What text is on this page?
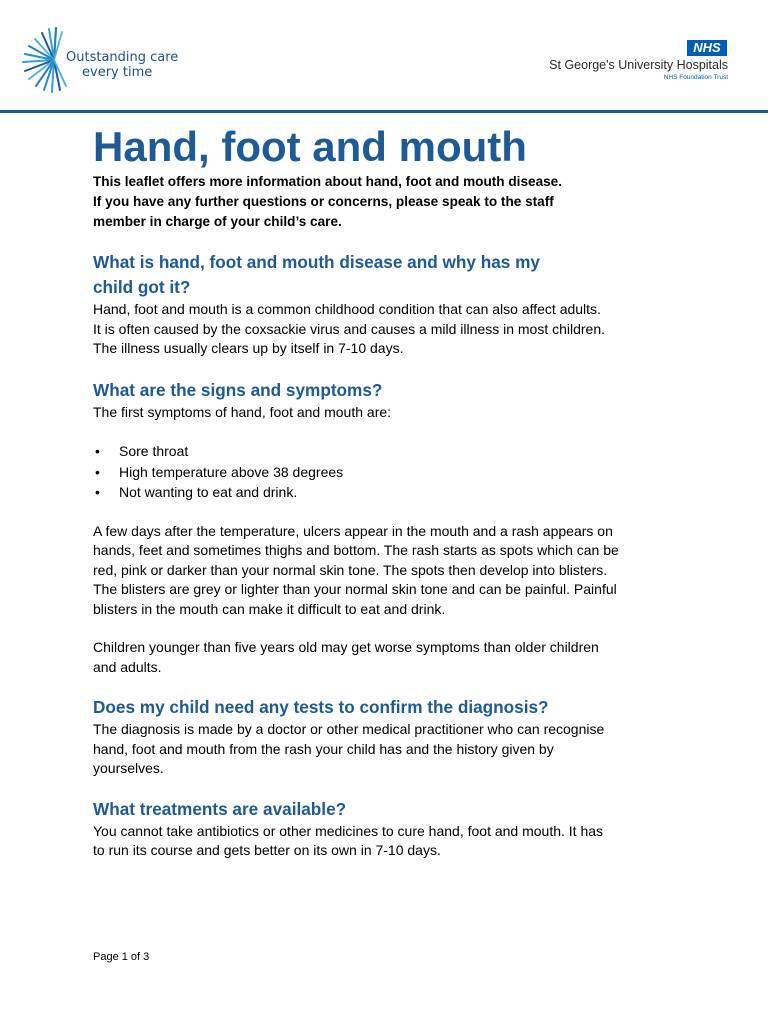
Outstanding care
every time
NHS
St George's University Hospitals
NHS Foundation Trust
Hand, foot and mouth

This leaflet offers more information about hand, foot and mouth disease.

If you have any further questions or concerns, please speak to the staff

member in charge of your child’s care.

What is hand, foot and mouth disease and why has my
child got it?

Hand, foot and mouth is a common childhood condition that can also affect adults.

It is often caused by the coxsackie virus and causes a mild illness in most children.

The illness usually clears up by itself in 7-10 days.

What are the signs and symptoms?

The first symptoms of hand, foot and mouth are:

• Sore throat
• High temperature above 38 degrees
• Not wanting to eat and drink.

A few days after the temperature, ulcers appear in the mouth and a rash appears on

hands, feet and sometimes thighs and bottom. The rash starts as spots which can be

red, pink or darker than your normal skin tone. The spots then develop into blisters.

The blisters are grey or lighter than your normal skin tone and can be painful. Painful

blisters in the mouth can make it difficult to eat and drink.

Children younger than five years old may get worse symptoms than older children

and adults.

Does my child need any tests to confirm the diagnosis?

The diagnosis is made by a doctor or other medical practitioner who can recognise

hand, foot and mouth from the rash your child has and the history given by

yourselves.

What treatments are available?

You cannot take antibiotics or other medicines to cure hand, foot and mouth. It has

to run its course and gets better on its own in 7-10 days.

Page 1 of 3
